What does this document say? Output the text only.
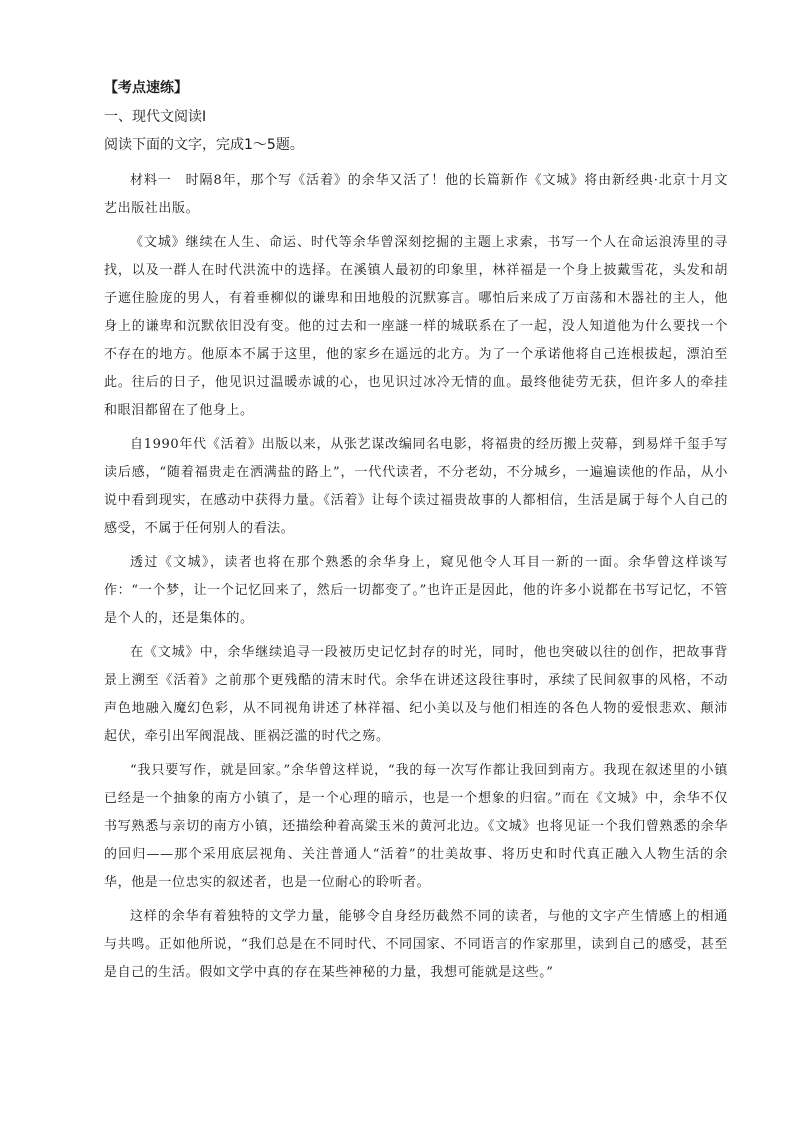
【考点速练】
一、现代文阅读Ⅰ
阅读下面的文字，完成1～5题。

材料一　时隔8年，那个写《活着》的余华又活了！他的长篇新作《文城》将由新经典·北京十月文艺出版社出版。

《文城》继续在人生、命运、时代等余华曾深刻挖掘的主题上求索，书写一个人在命运浪涛里的寻找，以及一群人在时代洪流中的选择。在溪镇人最初的印象里，林祥福是一个身上披戴雪花，头发和胡子遮住脸庞的男人，有着垂柳似的谦卑和田地般的沉默寡言。哪怕后来成了万亩荡和木器社的主人，他身上的谦卑和沉默依旧没有变。他的过去和一座謎一样的城联系在了一起，没人知道他为什么要找一个不存在的地方。他原本不属于这里，他的家乡在遥远的北方。为了一个承诺他将自己连根拔起，漂泊至此。往后的日子，他见识过温暖赤诚的心，也见识过冰冷无情的血。最终他徒劳无获，但许多人的牵挂和眼泪都留在了他身上。

自1990年代《活着》出版以来，从张艺谋改编同名电影，将福贵的经历搬上荧幕，到易烊千玺手写读后感，“随着福贵走在洒满盐的路上”，一代代读者，不分老幼，不分城乡，一遍遍读他的作品，从小说中看到现实，在感动中获得力量。《活着》让每个读过福贵故事的人都相信，生活是属于每个人自己的感受，不属于任何别人的看法。

透过《文城》，读者也将在那个熟悉的余华身上，窥见他令人耳目一新的一面。余华曾这样谈写作：“一个梦，让一个记忆回来了，然后一切都变了。”也许正是因此，他的许多小说都在书写记忆，不管是个人的，还是集体的。

在《文城》中，余华继续追寻一段被历史记忆封存的时光，同时，他也突破以往的创作，把故事背景上溯至《活着》之前那个更残酷的清末时代。余华在讲述这段往事时，承续了民间叙事的风格，不动声色地融入魔幻色彩，从不同视角讲述了林祥福、纪小美以及与他们相连的各色人物的爱恨悲欢、颠沛起伏，牵引出军阀混战、匪祸泛滥的时代之殇。

“我只要写作，就是回家。”余华曾这样说，“我的每一次写作都让我回到南方。我现在叙述里的小镇已经是一个抽象的南方小镇了，是一个心理的暗示，也是一个想象的归宿。”而在《文城》中，余华不仅书写熟悉与亲切的南方小镇，还描绘种着高粱玉米的黄河北边。《文城》也将见证一个我们曾熟悉的余华的回归——那个采用底层视角、关注普通人“活着”的壮美故事、将历史和时代真正融入人物生活的余华，他是一位忠实的叙述者，也是一位耐心的聆听者。

这样的余华有着独特的文学力量，能够令自身经历截然不同的读者，与他的文字产生情感上的相通与共鸣。正如他所说，“我们总是在不同时代、不同国家、不同语言的作家那里，读到自己的感受，甚至是自己的生活。假如文学中真的存在某些神秘的力量，我想可能就是这些。”
